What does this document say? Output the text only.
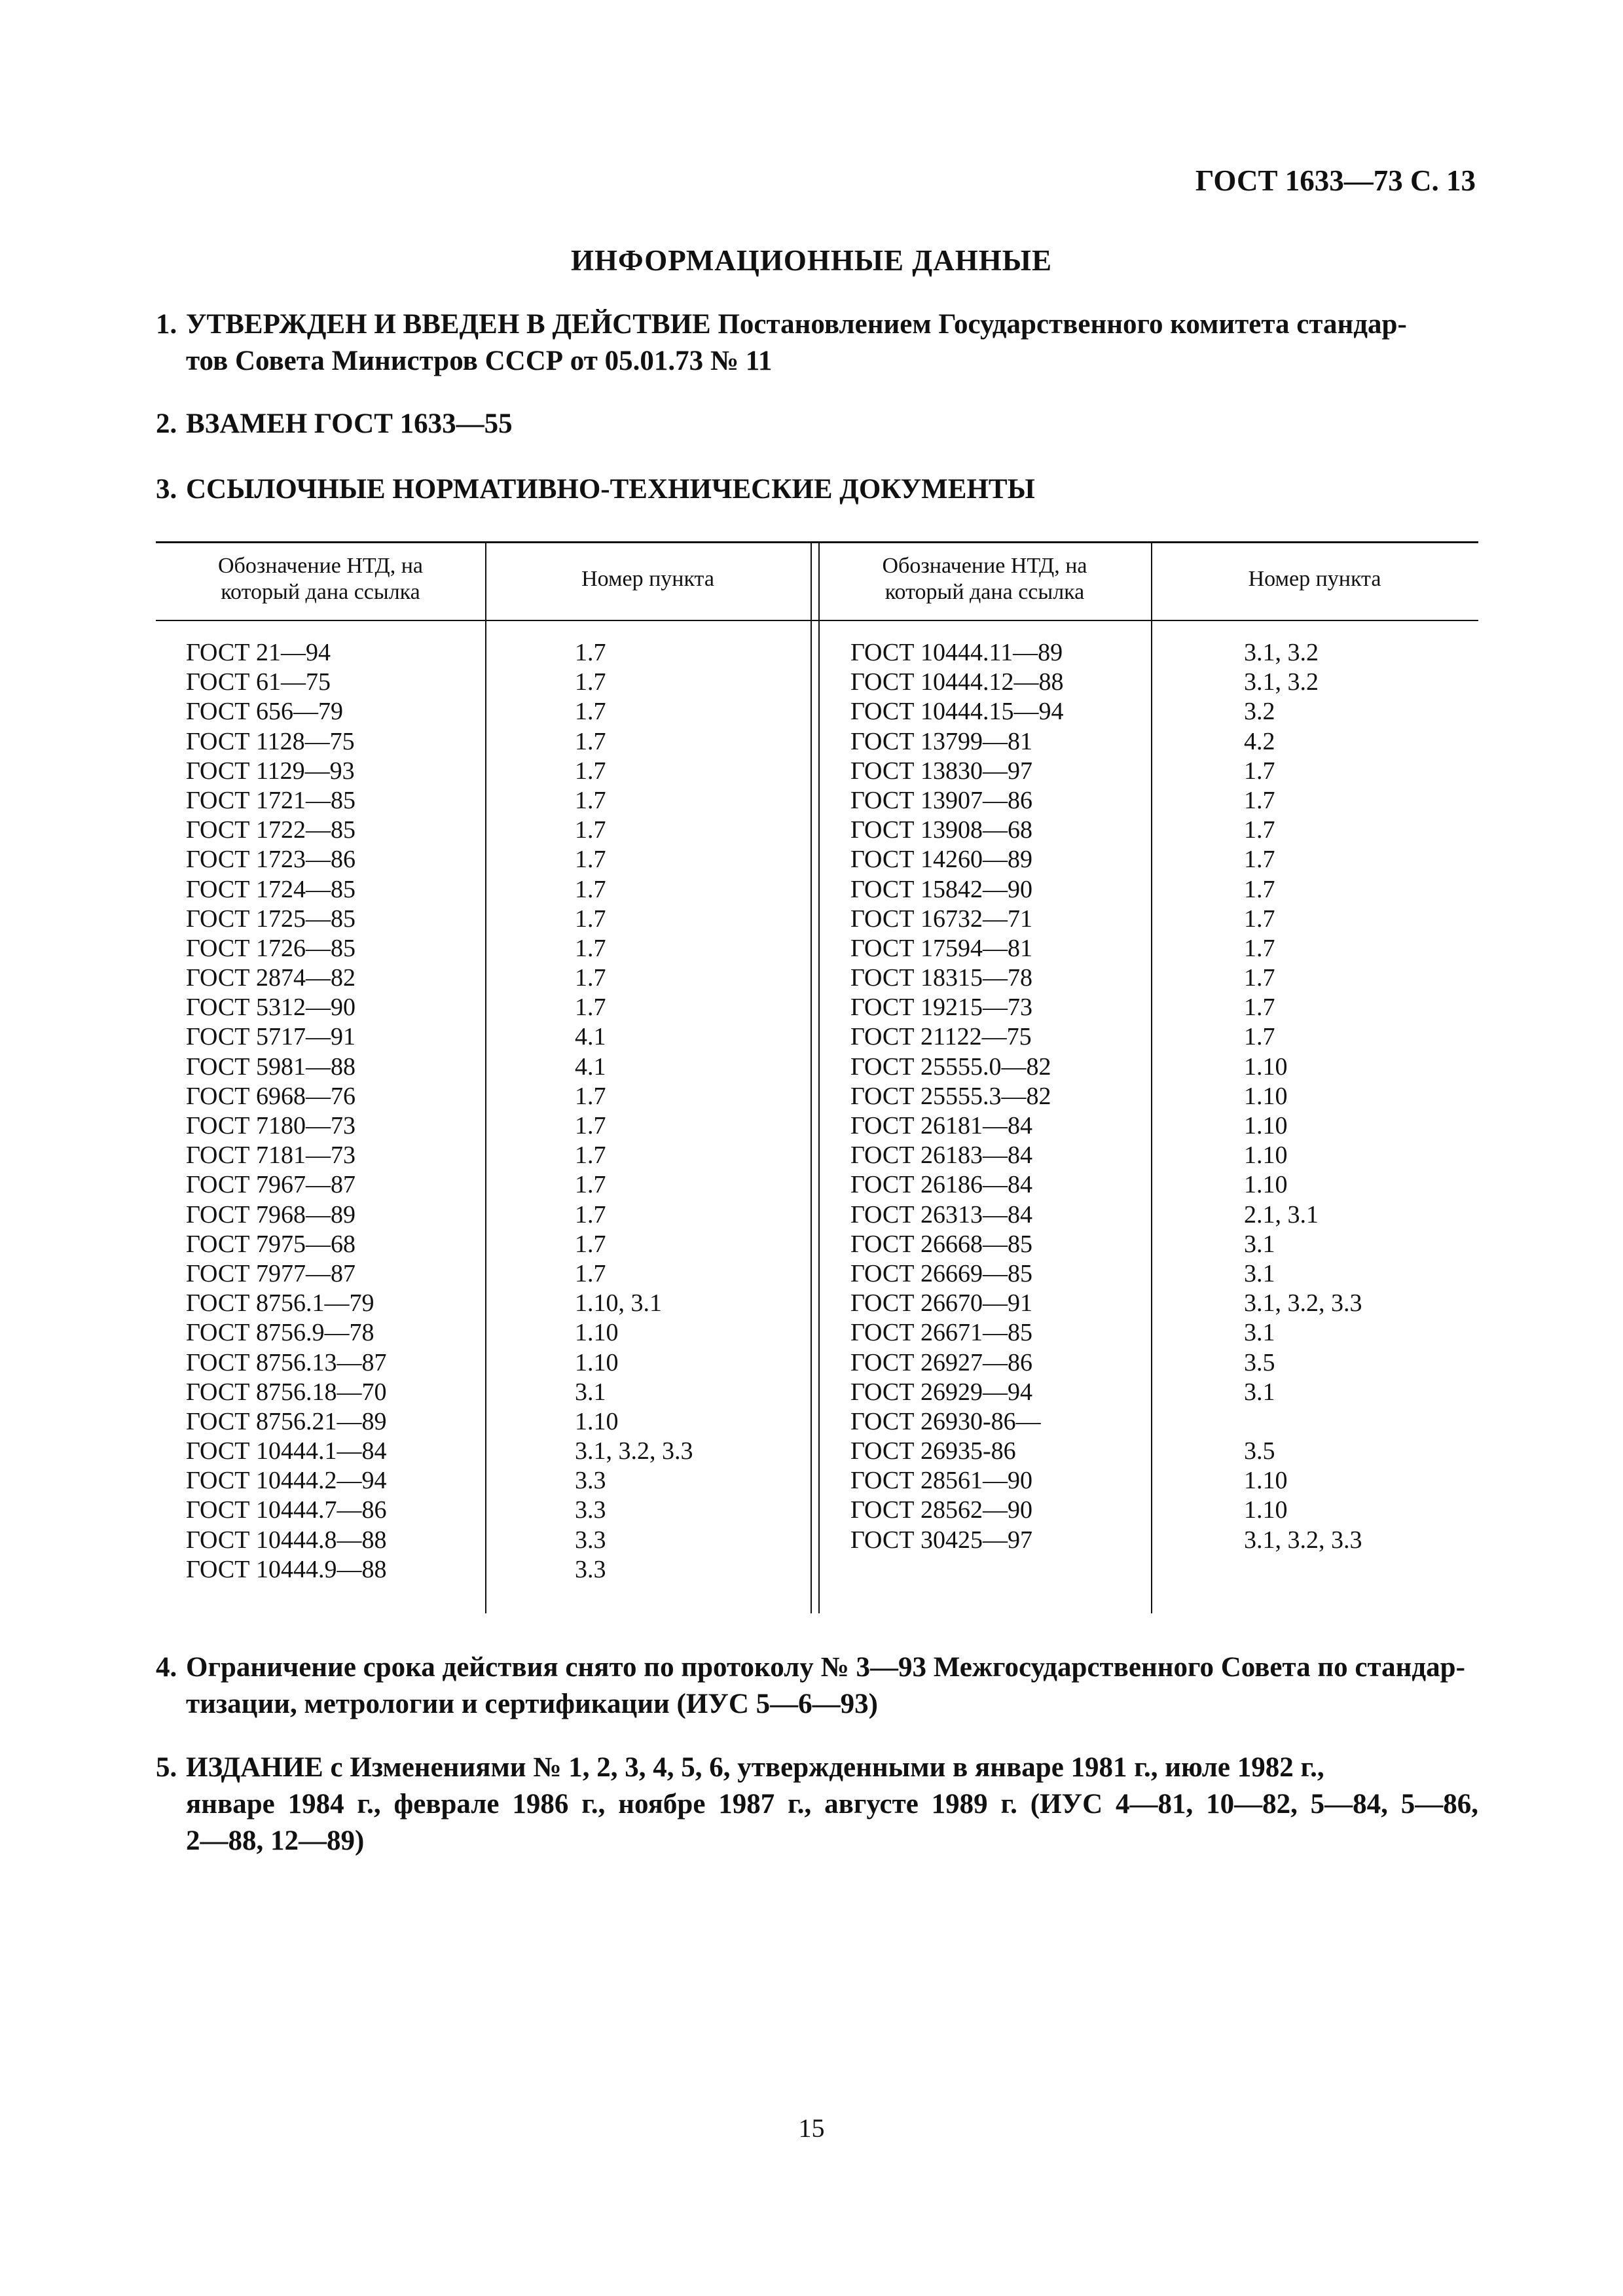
ГОСТ 1633—73 С. 13
ИНФОРМАЦИОННЫЕ ДАННЫЕ
1. УТВЕРЖДЕН И ВВЕДЕН В ДЕЙСТВИЕ Постановлением Государственного комитета стандар-
тов Совета Министров СССР от 05.01.73 № 11
2. ВЗАМЕН ГОСТ 1633—55
3. ССЫЛОЧНЫЕ НОРМАТИВНО-ТЕХНИЧЕСКИЕ ДОКУМЕНТЫ
Обозначение НТД, на
который дана ссылка
Номер пункта
Обозначение НТД, на
который дана ссылка
Номер пункта
ГОСТ 21—94
ГОСТ 61—75
ГОСТ 656—79
ГОСТ 1128—75
ГОСТ 1129—93
ГОСТ 1721—85
ГОСТ 1722—85
ГОСТ 1723—86
ГОСТ 1724—85
ГОСТ 1725—85
ГОСТ 1726—85
ГОСТ 2874—82
ГОСТ 5312—90
ГОСТ 5717—91
ГОСТ 5981—88
ГОСТ 6968—76
ГОСТ 7180—73
ГОСТ 7181—73
ГОСТ 7967—87
ГОСТ 7968—89
ГОСТ 7975—68
ГОСТ 7977—87
ГОСТ 8756.1—79
ГОСТ 8756.9—78
ГОСТ 8756.13—87
ГОСТ 8756.18—70
ГОСТ 8756.21—89
ГОСТ 10444.1—84
ГОСТ 10444.2—94
ГОСТ 10444.7—86
ГОСТ 10444.8—88
ГОСТ 10444.9—88
1.7
1.7
1.7
1.7
1.7
1.7
1.7
1.7
1.7
1.7
1.7
1.7
1.7
4.1
4.1
1.7
1.7
1.7
1.7
1.7
1.7
1.7
1.10, 3.1
1.10
1.10
3.1
1.10
3.1, 3.2, 3.3
3.3
3.3
3.3
3.3
ГОСТ 10444.11—89
ГОСТ 10444.12—88
ГОСТ 10444.15—94
ГОСТ 13799—81
ГОСТ 13830—97
ГОСТ 13907—86
ГОСТ 13908—68
ГОСТ 14260—89
ГОСТ 15842—90
ГОСТ 16732—71
ГОСТ 17594—81
ГОСТ 18315—78
ГОСТ 19215—73
ГОСТ 21122—75
ГОСТ 25555.0—82
ГОСТ 25555.3—82
ГОСТ 26181—84
ГОСТ 26183—84
ГОСТ 26186—84
ГОСТ 26313—84
ГОСТ 26668—85
ГОСТ 26669—85
ГОСТ 26670—91
ГОСТ 26671—85
ГОСТ 26927—86
ГОСТ 26929—94
ГОСТ 26930-86—
ГОСТ 26935-86
ГОСТ 28561—90
ГОСТ 28562—90
ГОСТ 30425—97
3.1, 3.2
3.1, 3.2
3.2
4.2
1.7
1.7
1.7
1.7
1.7
1.7
1.7
1.7
1.7
1.7
1.10
1.10
1.10
1.10
1.10
2.1, 3.1
3.1
3.1
3.1, 3.2, 3.3
3.1
3.5
3.1
3.5
1.10
1.10
3.1, 3.2, 3.3
4. Ограничение срока действия снято по протоколу № 3—93 Межгосударственного Совета по стандар-
тизации, метрологии и сертификации (ИУС 5—6—93)
5. ИЗДАНИЕ с Изменениями № 1, 2, 3, 4, 5, 6, утвержденными в январе 1981 г., июле 1982 г.,
январе 1984 г., феврале 1986 г., ноябре 1987 г., августе 1989 г. (ИУС 4—81, 10—82, 5—84, 5—86,
2—88, 12—89)
15
